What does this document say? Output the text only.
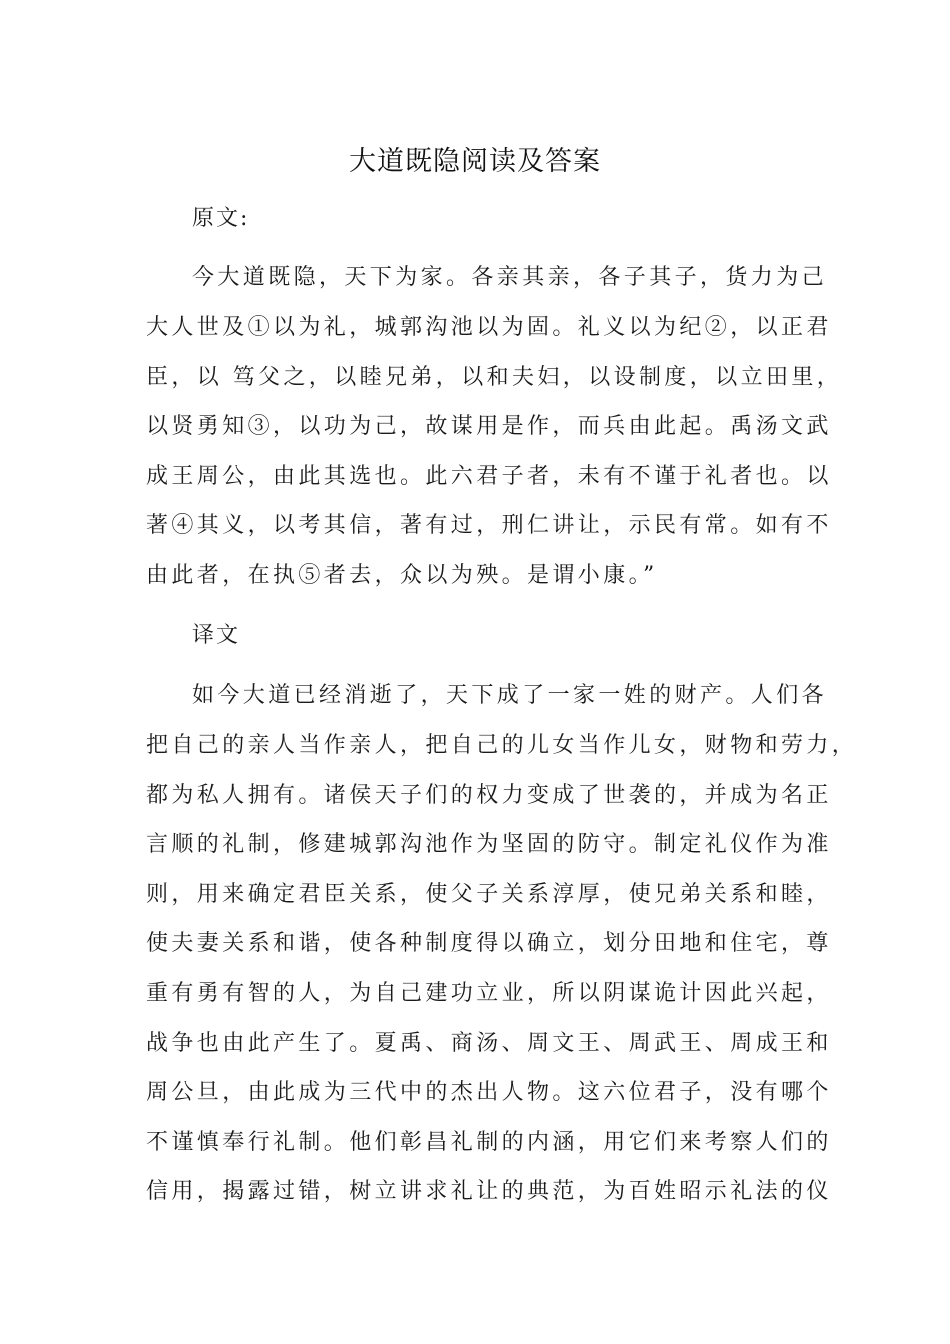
大道既隐阅读及答案
原文:
今大道既隐，天下为家。各亲其亲，各子其子，货力为己
大人世及①以为礼，城郭沟池以为固。礼义以为纪②，以正君
臣，以 笃父之，以睦兄弟，以和夫妇，以设制度，以立田里，
以贤勇知③，以功为己，故谋用是作，而兵由此起。禹汤文武
成王周公，由此其选也。此六君子者，未有不谨于礼者也。以
著④其义，以考其信，著有过，刑仁讲让，示民有常。如有不
由此者，在执⑤者去，众以为殃。是谓小康。”
译文
如今大道已经消逝了，天下成了一家一姓的财产。人们各
把自己的亲人当作亲人，把自己的儿女当作儿女，财物和劳力，
都为私人拥有。诸侯天子们的权力变成了世袭的，并成为名正
言顺的礼制，修建城郭沟池作为坚固的防守。制定礼仪作为准
则，用来确定君臣关系，使父子关系淳厚，使兄弟关系和睦，
使夫妻关系和谐，使各种制度得以确立，划分田地和住宅，尊
重有勇有智的人，为自己建功立业，所以阴谋诡计因此兴起，
战争也由此产生了。夏禹、商汤、周文王、周武王、周成王和
周公旦，由此成为三代中的杰出人物。这六位君子，没有哪个
不谨慎奉行礼制。他们彰昌礼制的内涵，用它们来考察人们的
信用，揭露过错，树立讲求礼让的典范，为百姓昭示礼法的仪
